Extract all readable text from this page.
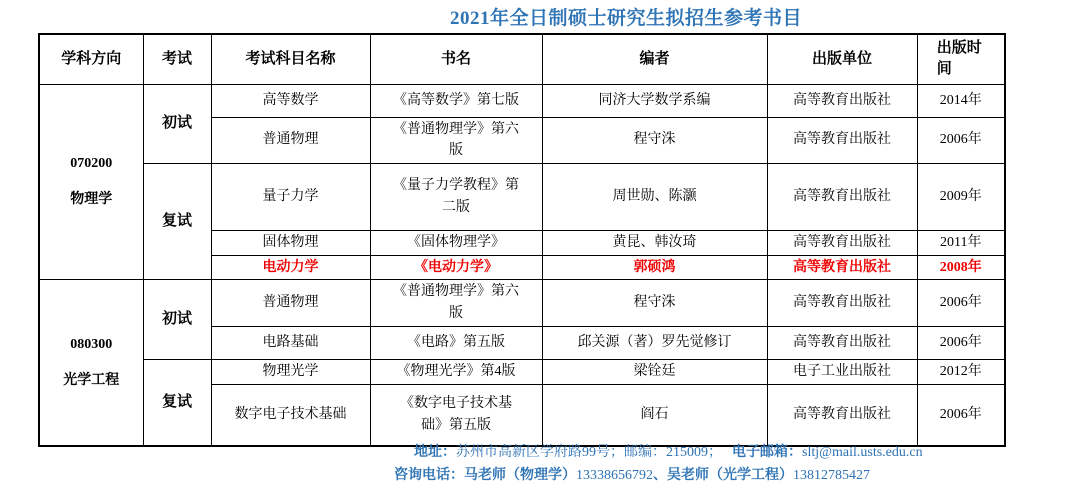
2021年全日制硕士研究生拟招生参考书目
学科方向	考试	考试科目名称	书名	编者	出版单位	出版时间

070200
物理学	初试	高等数学	《高等数学》第七版	同济大学数学系编	高等教育出版社	2014年
		普通物理	《普通物理学》第六版	程守洙	高等教育出版社	2006年
	复试	量子力学	《量子力学教程》第二版	周世勋、陈灏	高等教育出版社	2009年
		固体物理	《固体物理学》	黄昆、韩汝琦	高等教育出版社	2011年
		电动力学	《电动力学》	郭硕鸿	高等教育出版社	2008年

080300
光学工程	初试	普通物理	《普通物理学》第六版	程守洙	高等教育出版社	2006年
		电路基础	《电路》第五版	邱关源（著）罗先觉修订	高等教育出版社	2006年
	复试	物理光学	《物理光学》第4版	梁铨廷	电子工业出版社	2012年
		数字电子技术基础	《数字电子技术基础》第五版	阎石	高等教育出版社	2006年
地址：苏州市高新区学府路99号；邮编：215009； 电子邮箱：sltj@mail.usts.edu.cn
咨询电话：马老师（物理学）13338656792、吴老师（光学工程）13812785427
